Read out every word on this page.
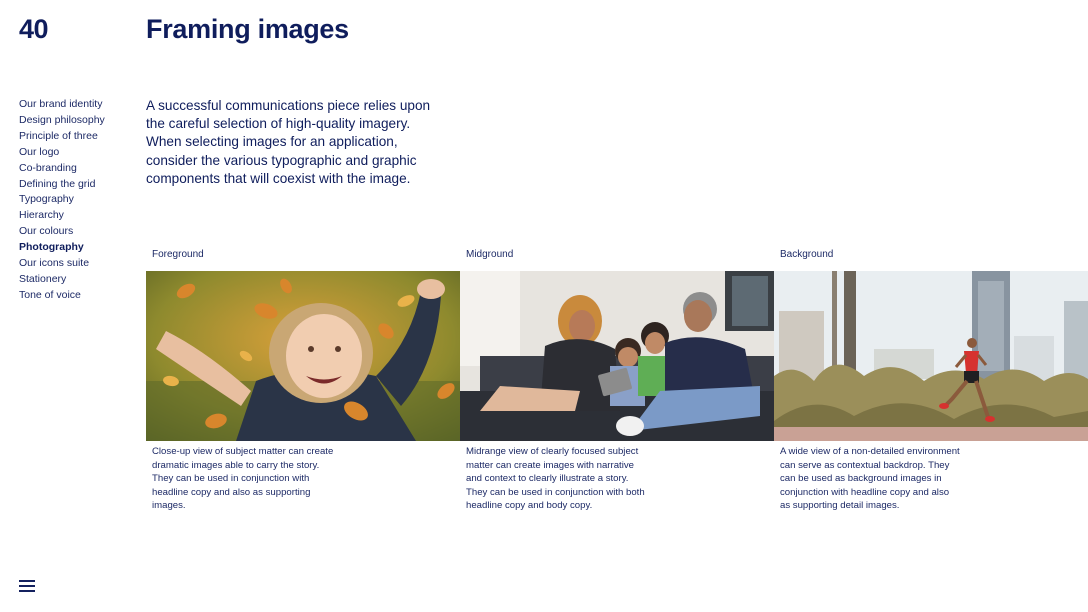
40	Framing images
Our brand identity
Design philosophy
Principle of three
Our logo
Co-branding
Defining the grid
Typography
Hierarchy
Our colours
Photography
Our icons suite
Stationery
Tone of voice

A successful communications piece relies upon the careful selection of high-quality imagery. When selecting images for an application, consider the various typographic and graphic components that will coexist with the image.

Foreground	Midground	Background

Close-up view of subject matter can create dramatic images able to carry the story. They can be used in conjunction with headline copy and also as supporting images.

Midrange view of clearly focused subject matter can create images with narrative and context to clearly illustrate a story. They can be used in conjunction with both headline copy and body copy.

A wide view of a non-detailed environment can serve as contextual backdrop. They can be used as background images in conjunction with headline copy and also as supporting detail images.
